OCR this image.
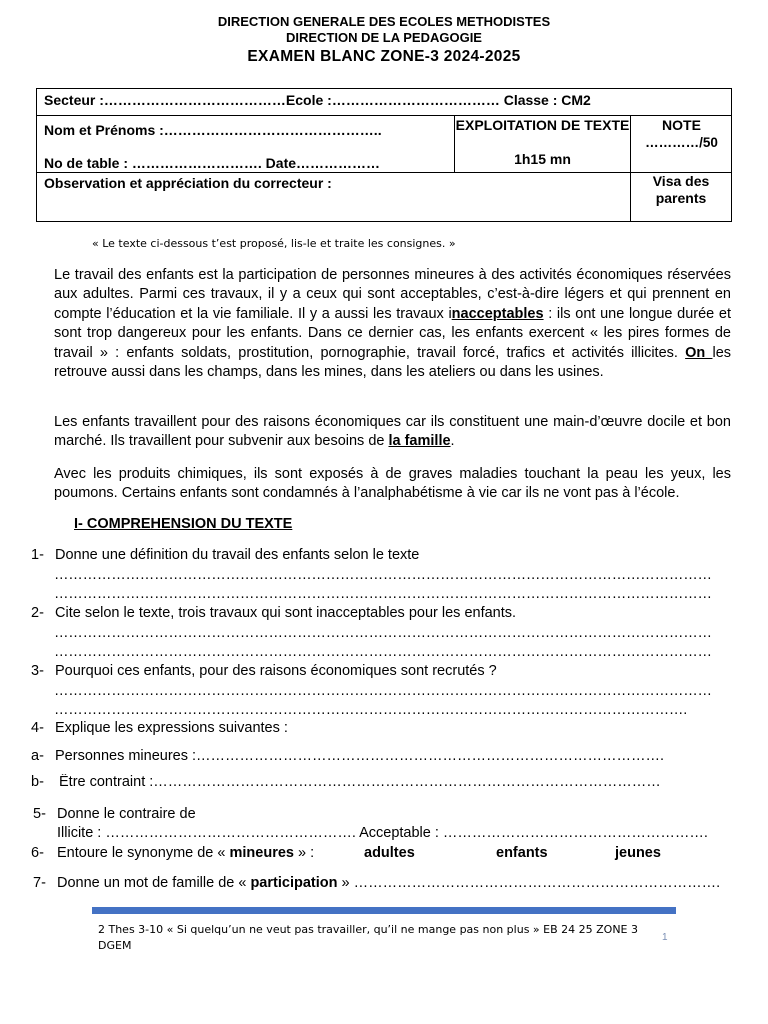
DIRECTION GENERALE DES ECOLES METHODISTES
DIRECTION DE LA PEDAGOGIE
EXAMEN BLANC ZONE-3 2024-2025
Secteur :…………………………………Ecole :……………………………… Classe : CM2
Nom et Prénoms :………………………………………..
No de table : ………………………. Date………………
EXPLOITATION DE TEXTE
1h15 mn
NOTE
…………/50
Observation et appréciation du correcteur :	Visa des parents
« Le texte ci-dessous t’est proposé, lis-le et traite les consignes. »
Le travail des enfants est la participation de personnes mineures à des activités économiques réservées aux adultes. Parmi ces travaux, il y a ceux qui sont acceptables, c’est-à-dire légers et qui prennent en compte l’éducation et la vie familiale. Il y a aussi les travaux inacceptables : ils ont une longue durée et sont trop dangereux pour les enfants. Dans ce dernier cas, les enfants exercent « les pires formes de travail » : enfants soldats, prostitution, pornographie, travail forcé, trafics et activités illicites. On les retrouve aussi dans les champs, dans les mines, dans les ateliers ou dans les usines.
Les enfants travaillent pour des raisons économiques car ils constituent une main-d’œuvre docile et bon marché. Ils travaillent pour subvenir aux besoins de la famille.
Avec les produits chimiques, ils sont exposés à de graves maladies touchant la peau les yeux, les poumons. Certains enfants sont condamnés à l’analphabétisme à vie car ils ne vont pas à l’école.
I- COMPREHENSION DU TEXTE
1- Donne une définition du travail des enfants selon le texte
…………………………………………………………………………………………………………………………
…………………………………………………………………………………………………………………………
2- Cite selon le texte, trois travaux qui sont inacceptables pour les enfants.
…………………………………………………………………………………………………………………………
…………………………………………………………………………………………………………………………
3- Pourquoi ces enfants, pour des raisons économiques sont recrutés ?
…………………………………………………………………………………………………………………………
…………………………………………………………………………………………………………………….
4- Explique les expressions suivantes :
a- Personnes mineures :…………………………………………………………………………………….
b- Être contraint :……………………………………………………………………………………………
5- Donne le contraire de
Illicite : ……………………………………………. Acceptable : ……………………………………………….
6- Entoure le synonyme de « mineures » :	adultes	enfants	jeunes
7- Donne un mot de famille de « participation » ………………………………………………………………….
2 Thes 3-10 « Si quelqu’un ne veut pas travailler, qu’il ne mange pas non plus » EB 24 25 ZONE 3 DGEM
1
